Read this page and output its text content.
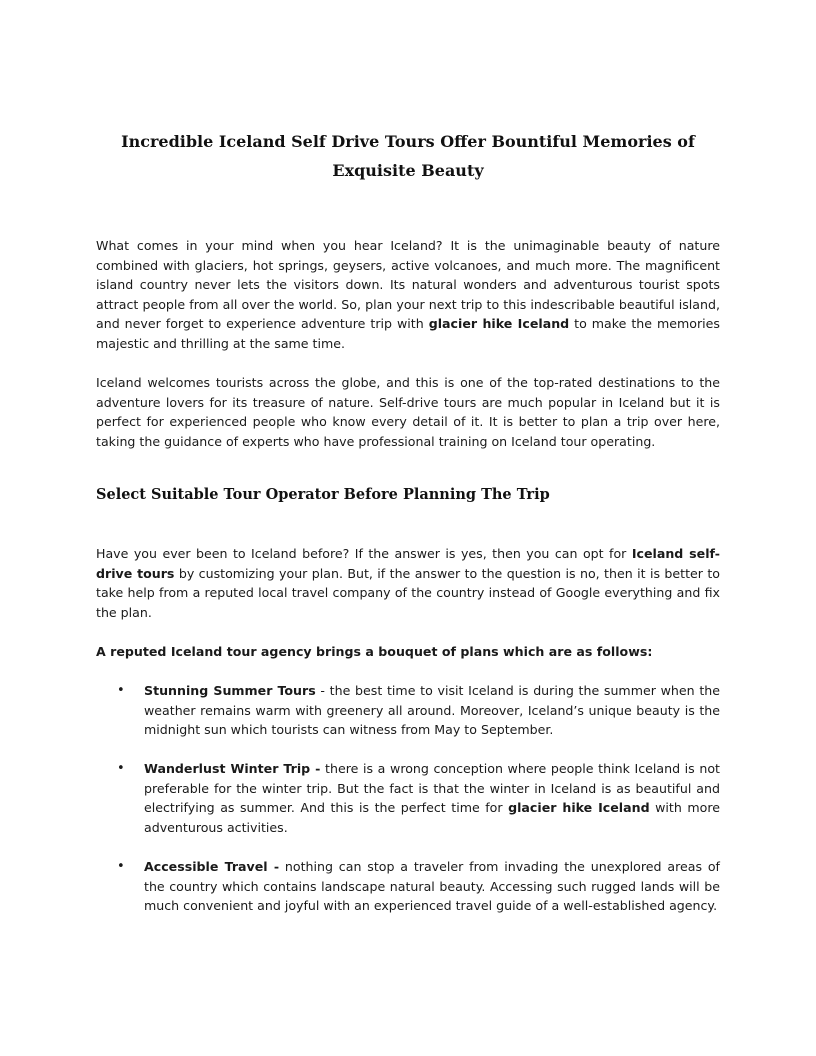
Incredible Iceland Self Drive Tours Offer Bountiful Memories of Exquisite Beauty
What comes in your mind when you hear Iceland? It is the unimaginable beauty of nature combined with glaciers, hot springs, geysers, active volcanoes, and much more. The magnificent island country never lets the visitors down. Its natural wonders and adventurous tourist spots attract people from all over the world. So, plan your next trip to this indescribable beautiful island, and never forget to experience adventure trip with glacier hike Iceland to make the memories majestic and thrilling at the same time.
Iceland welcomes tourists across the globe, and this is one of the top-rated destinations to the adventure lovers for its treasure of nature. Self-drive tours are much popular in Iceland but it is perfect for experienced people who know every detail of it. It is better to plan a trip over here, taking the guidance of experts who have professional training on Iceland tour operating.
Select Suitable Tour Operator Before Planning The Trip
Have you ever been to Iceland before? If the answer is yes, then you can opt for Iceland self-drive tours by customizing your plan. But, if the answer to the question is no, then it is better to take help from a reputed local travel company of the country instead of Google everything and fix the plan.
A reputed Iceland tour agency brings a bouquet of plans which are as follows:
• Stunning Summer Tours - the best time to visit Iceland is during the summer when the weather remains warm with greenery all around. Moreover, Iceland’s unique beauty is the midnight sun which tourists can witness from May to September.
• Wanderlust Winter Trip - there is a wrong conception where people think Iceland is not preferable for the winter trip. But the fact is that the winter in Iceland is as beautiful and electrifying as summer. And this is the perfect time for glacier hike Iceland with more adventurous activities.
• Accessible Travel - nothing can stop a traveler from invading the unexplored areas of the country which contains landscape natural beauty. Accessing such rugged lands will be much convenient and joyful with an experienced travel guide of a well-established agency.
